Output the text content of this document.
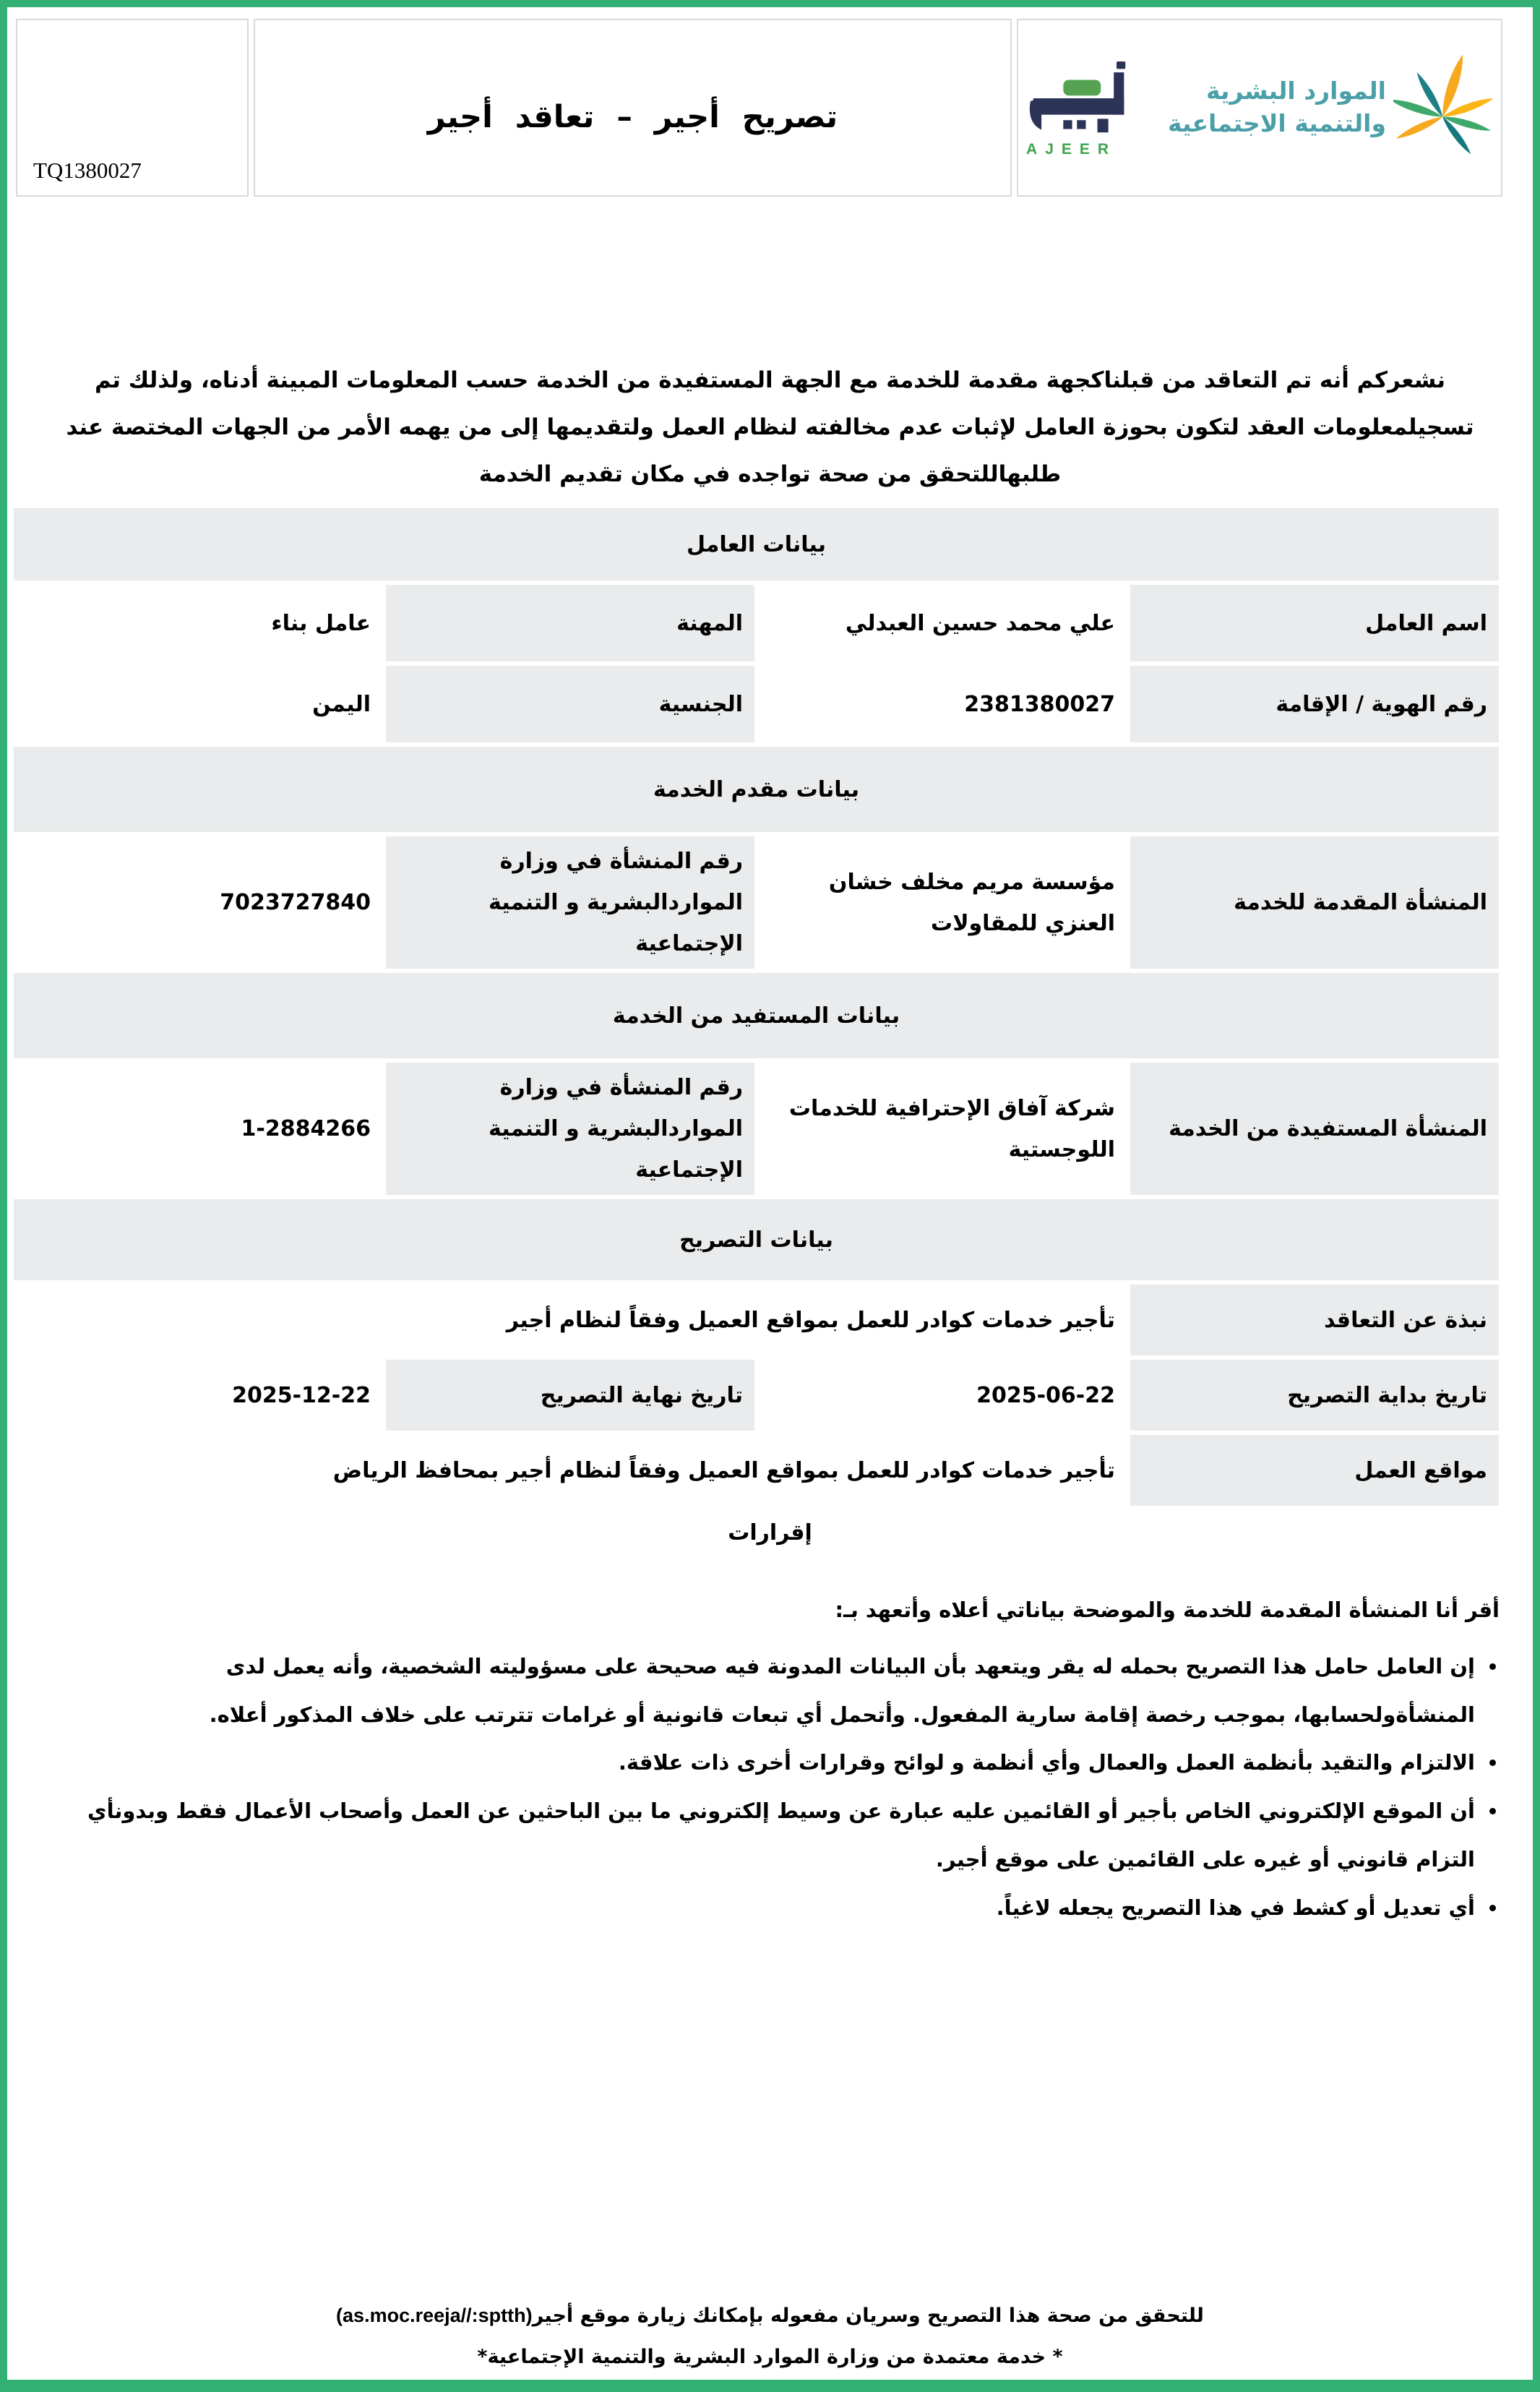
TQ1380027
تصريح أجير – تعاقد أجير
AJEER
الموارد البشرية
والتنمية الاجتماعية

نشعركم أنه تم التعاقد من قبلناكجهة مقدمة للخدمة مع الجهة المستفيدة من الخدمة حسب المعلومات المبينة أدناه، ولذلك تم تسجيلمعلومات العقد لتكون بحوزة العامل لإثبات عدم مخالفته لنظام العمل ولتقديمها إلى من يهمه الأمر من الجهات المختصة عند طلبهاللتحقق من صحة تواجده في مكان تقديم الخدمة

بيانات العامل			
اسم العامل	علي محمد حسين العبدلي	المهنة	عامل بناء
رقم الهوية / الإقامة	2381380027	الجنسية	اليمن
بيانات مقدم الخدمة			
المنشأة المقدمة للخدمة	مؤسسة مريم مخلف خشان العنزي للمقاولات	رقم المنشأة في وزارة المواردالبشرية و التنمية الإجتماعية	7023727840
بيانات المستفيد من الخدمة			
المنشأة المستفيدة من الخدمة	شركة آفاق الإحترافية للخدمات اللوجستية	رقم المنشأة في وزارة المواردالبشرية و التنمية الإجتماعية	1-2884266
بيانات التصريح			
نبذة عن التعاقد	تأجير خدمات كوادر للعمل بمواقع العميل وفقاً لنظام أجير		
تاريخ بداية التصريح	2025-06-22	تاريخ نهاية التصريح	2025-12-22
مواقع العمل	تأجير خدمات كوادر للعمل بمواقع العميل وفقاً لنظام أجير بمحافظ الرياض		
إقرارات

أقر أنا المنشأة المقدمة للخدمة والموضحة بياناتي أعلاه وأتعهد بـ:

• إن العامل حامل هذا التصريح بحمله له يقر ويتعهد بأن البيانات المدونة فيه صحيحة على مسؤوليته الشخصية، وأنه يعمل لدى المنشأةولحسابها، بموجب رخصة إقامة سارية المفعول. وأتحمل أي تبعات قانونية أو غرامات تترتب على خلاف المذكور أعلاه.
• الالتزام والتقيد بأنظمة العمل والعمال وأي أنظمة و لوائح وقرارات أخرى ذات علاقة.
• أن الموقع الإلكتروني الخاص بأجير أو القائمين عليه عبارة عن وسيط إلكتروني ما بين الباحثين عن العمل وأصحاب الأعمال فقط وبدونأي التزام قانوني أو غيره على القائمين على موقع أجير.
• أي تعديل أو كشط في هذا التصريح يجعله لاغياً.
للتحقق من صحة هذا التصريح وسريان مفعوله بإمكانك زيارة موقع أجير(as.moc.reeja//:sptth)
* خدمة معتمدة من وزارة الموارد البشرية والتنمية الإجتماعية*
